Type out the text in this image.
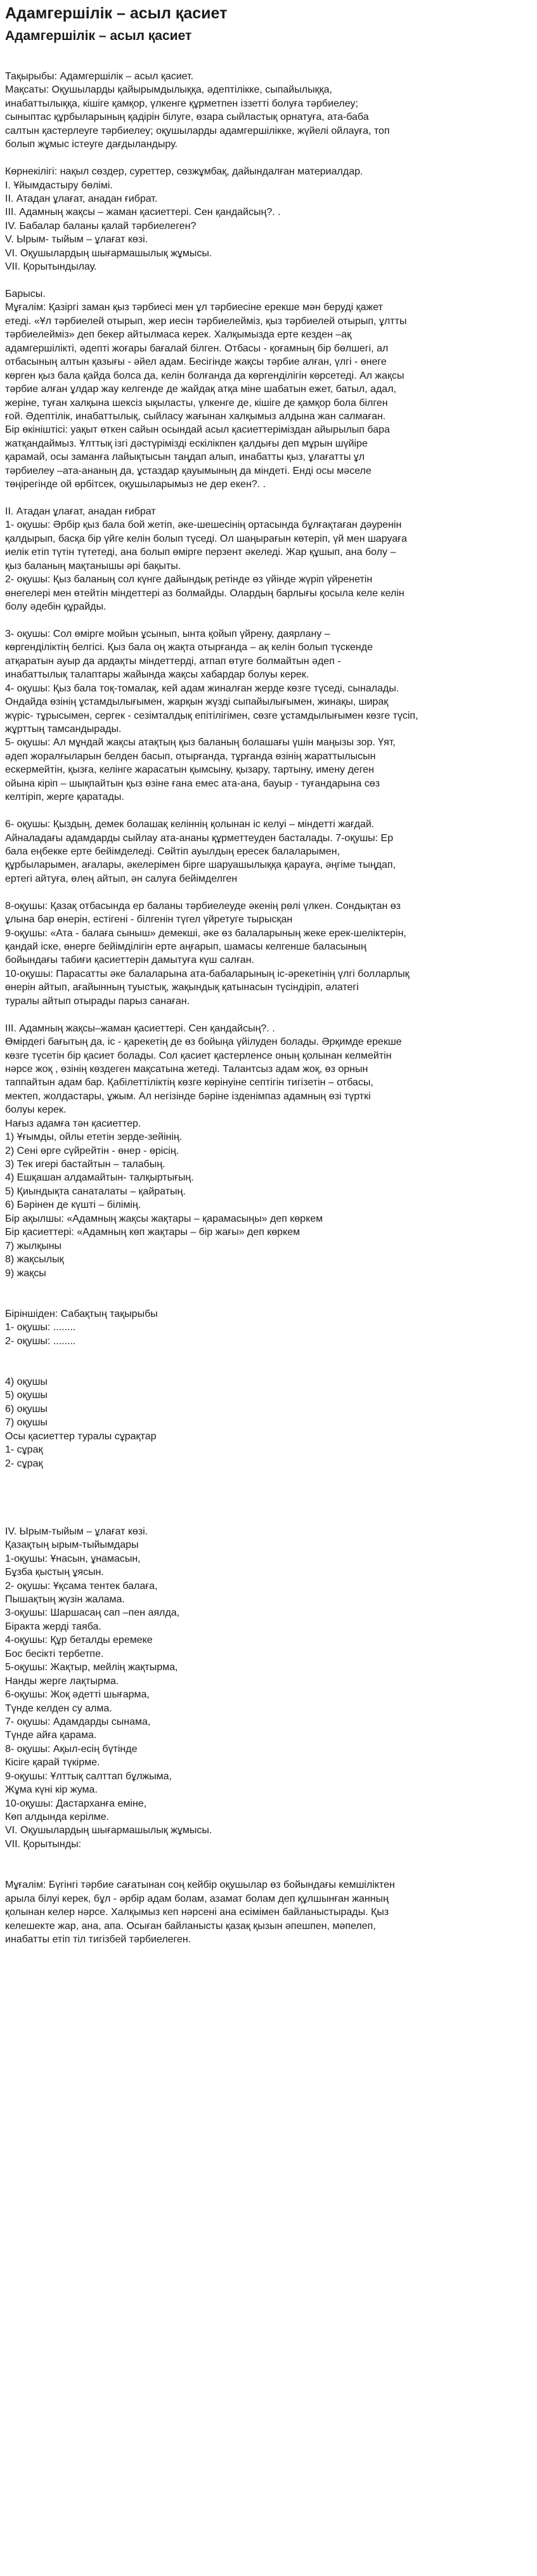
Адамгершілік – асыл қасиет
Адамгершілік – асыл қасиет
Тақырыбы: Адамгершілік – асыл қасиет.
Мақсаты: Оқушыларды қайырымдылыққа, әдептілікке, сыпайылыққа,
инабаттылыққа, кішіге қамқор, үлкенге құрметпен іззетті болуға тәрбиелеу;
сыныптас құрбыларының қадірін білуге, өзара сыйластық орнатуға, ата-баба
салтын қастерлеуге тәрбиелеу; оқушыларды адамгершілікке, жүйелі ойлауға, топ
болып жұмыс істеуге дағдыландыру.
Көрнекілігі: нақыл сөздер, суреттер, сөзжұмбақ, дайындалған материалдар.
І. Ұйымдастыру бөлімі.
ІІ. Атадан ұлағат, анадан ғибрат.
ІІІ. Адамның жақсы – жаман қасиеттері. Сен қандайсың?. .
ІV. Бабалар баланы қалай тәрбиелеген?
V. Ырым- тыйым – ұлағат көзі.
VІ. Оқушылардың шығармашылық жұмысы.
VІІ. Қорытындылау.
Барысы.
Мұғалім: Қазіргі заман қыз тәрбиесі мен ұл тәрбиесіне ерекше мән беруді қажет
етеді. «Ұл тәрбиелей отырып, жер иесін тәрбиелейміз, қыз тәрбиелей отырып, ұлтты
тәрбиелейміз» деп бекер айтылмаса керек. Халқымызда ерте кезден –ақ
адамгершілікті, әдепті жоғары бағалай білген. Отбасы - қоғамның бір бөлшегі, ал
отбасының алтын қазығы - әйел адам. Бесігінде жақсы тәрбие алған, үлгі - өнеге
көрген қыз бала қайда болса да, келін болғанда да көргенділігін көрсетеді. Ал жақсы
тәрбие алған ұлдар жау келгенде де жайдақ атқа міне шабатын ежет, батыл, адал,
жеріне, туған халқына шексіз ықыласты, үлкенге де, кішіге де қамқор бола білген
ғой. Әдептілік, инабаттылық, сыйласу жағынан халқымыз алдына жан салмаған.
Бір өкініштісі: уақыт өткен сайын осындай асыл қасиеттеріміздан айырылып бара
жатқандаймыз. Ұлттық ізгі дәстүрімізді ескілікпен қалдығы деп мұрын шүйіре
қарамай, осы заманға лайықтысын таңдап алып, инабатты қыз, ұлағатты ұл
тәрбиелеу –ата-ананың да, ұстаздар қауымының да міндеті. Енді осы мәселе
төңірегінде ой өрбітсек, оқушыларымыз не дер екен?. .
ІІ. Атадан ұлағат, анадан ғибрат
1- оқушы: Әрбір қыз бала бой жетіп, әке-шешесінің ортасында бұлғақтаған дәуренін
қалдырып, басқа бір үйге келін болып түседі. Ол шаңырағын көтеріп, үй мен шаруаға
иелік етіп түтін түтетеді, ана болып өмірге перзент әкеледі. Жар құшып, ана болу –
қыз баланың мақтанышы әрі бақыты.
2- оқушы: Қыз баланың сол күнге дайындық ретінде өз үйінде жүріп үйренетін
өнегелері мен өтейтін міндеттері аз болмайды. Олардың барлығы қосыла келе келін
болу әдебін құрайды.
3- оқушы: Сол өмірге мойын ұсынып, ынта қойып үйрену, даярлану –
көргенділіктің белгісі. Қыз бала оң жақта отырғанда – ақ келін болып түскенде
атқаратын ауыр да ардақты міндеттерді, атпап өтуге болмайтын әдеп -
инабаттылық талаптары жайында жақсы хабардар болуы керек.
4- оқушы: Қыз бала тоқ-томалақ, кей адам жиналған жерде көзге түседі, сыналады.
Ондайда өзінің ұстамдылығымен, жарқын жүзді сыпайылығымен, жинақы, ширақ
жүріс- тұрысымен, сергек - сезімталдық епітілігімен, сөзге ұстамдылығымен көзге түсіп,
жұрттың тамсандырады.
5- оқушы: Ал мұндай жақсы атақтың қыз баланың болашағы үшін маңызы зор. Үят,
әдеп жоралғыларын белден басып, отырғанда, тұрғанда өзінің жараттылысын
ескермейтін, қызға, келінге жарасатын қымсыну, қызару, тартыну, имену деген
ойына кіріп – шықпайтын қыз өзіне ғана емес ата-ана, бауыр - туғандарына сөз
келтіріп, жерге қаратады.
6- оқушы: Қыздың, демек болашақ келіннің қолынан іс келуі – міндетті жағдай.
Айналадағы адамдарды сыйлау ата-ананы құрметтеуден басталады. 7-оқушы: Ер
бала еңбекке ерте бейімделеді. Сөйтіп ауылдың ересек балаларымен,
құрбыларымен, ағалары, әкелерімен бірге шаруашылыққа қарауға, әңгіме тыңдап,
ертегі айтуға, өлең айтып, ән салуға бейімделген
8-оқушы: Қазақ отбасында ер баланы тәрбиелеуде әкенің рөлі үлкен. Сондықтан өз
ұлына бар өнерін, естігені - білгенін түгел үйретуге тырысқан
9-оқушы: «Ата - балаға сыныш» демекші, әке өз балаларының жеке ерек-шеліктерін,
қандай іске, өнерге бейімділігін ерте аңғарып, шамасы келгенше баласының
бойындағы табиғи қасиеттерін дамытуға күш салған.
10-оқушы: Парасатты әке балаларына ата-бабаларының іс-әрекетінің үлгі болларлық
өнерін айтып, ағайынның туыстық, жақындық қатынасын түсіндіріп, әлатегі
туралы айтып отырады парыз санаған.
ІІІ. Адамның жақсы–жаман қасиеттері. Сен қандайсың?. .
Өмірдегі бағытың да, іс - қарекетің де өз бойыңа үйілуден болады. Әрқимде ерекше
көзге түсетін бір қасиет болады. Сол қасиет қастерленсе оның қолынан келмейтін
нәрсе жоқ , өзінің көздеген мақсатына жетеді. Талантсыз адам жоқ, өз орнын
таппайтын адам бар. Қабілеттіліктің көзге көрінуіне септігін тигізетін – отбасы,
мектеп, жолдастары, ұжым. Ал негізінде бәріне ізденімпаз адамның өзі түрткі
болуы керек.
Нағыз адамға тән қасиеттер.
1) Ұғымды, ойлы ететін зерде-зейінің.
2) Сені өрге сүйрейтін - өнер - өрісің.
3) Тек игері бастайтын – талабың.
4) Ешқашан алдамайтын- талқыртығың.
5) Қиындықта санаталаты – қайратың.
6) Бәрінен де күшті – білімің.
Бір ақылшы: «Адамның жақсы жақтары – қарамасыңы» деп көркем
Бір қасиеттері: «Адамның көп жақтары – бір жағы» деп көркем
7) жылқыны
8) жақсылық
9) жақсы
Біріншіден: Сабақтың тақырыбы
1- оқушы: ........
2- оқушы: ........
4) оқушы
5) оқушы
6) оқушы
7) оқушы
Осы қасиеттер туралы сұрақтар
1- сұрақ
2- сұрақ
ІV. Ырым-тыйым – ұлағат көзі.
Қазақтың ырым-тыйымдары
1-оқушы: Ұнасын, ұнамасын,
Бұзба қыстың ұясын.
2- оқушы: Ұқсама тентек балаға,
Пышақтың жүзін жалама.
3-оқушы: Шаршасаң сап –пен аялда,
Біракта жерді таяба.
4-оқушы: Құр беталды еремеке
Бос бесікті тербетпе.
5-оқушы: Жақтыр, мейлің жақтырма,
Нанды жерге лақтырма.
6-оқушы: Жоқ әдетті шығарма,
Түнде келден су алма.
7- оқушы: Адамдарды сынама,
Түнде айға қарама.
8- оқушы: Ақыл-есің бүтінде
Кісіге қарай түкірме.
9-оқушы: Ұлттық салттап бұлжыма,
Жұма күні кір жума.
10-оқушы: Дастарханға еміне,
Көп алдында керілме.
VІ. Оқушылардың шығармашылық жұмысы.
VІІ. Қорытынды:
Мұғалім: Бүгінгі тәрбие сағатынан соң кейбір оқушылар өз бойындағы кемшіліктен
арыла білуі керек, бұл - әрбір адам болам, азамат болам деп құлшынған жанның
қолынан келер нәрсе. Халқымыз кеп нәрсені ана есімімен байланыстырады. Қыз
келешекте жар, ана, апа. Осыған байланысты қазақ қызын әпешпен, мәпелеп,
инабатты етіп тіл тигізбей тәрбиелеген.
